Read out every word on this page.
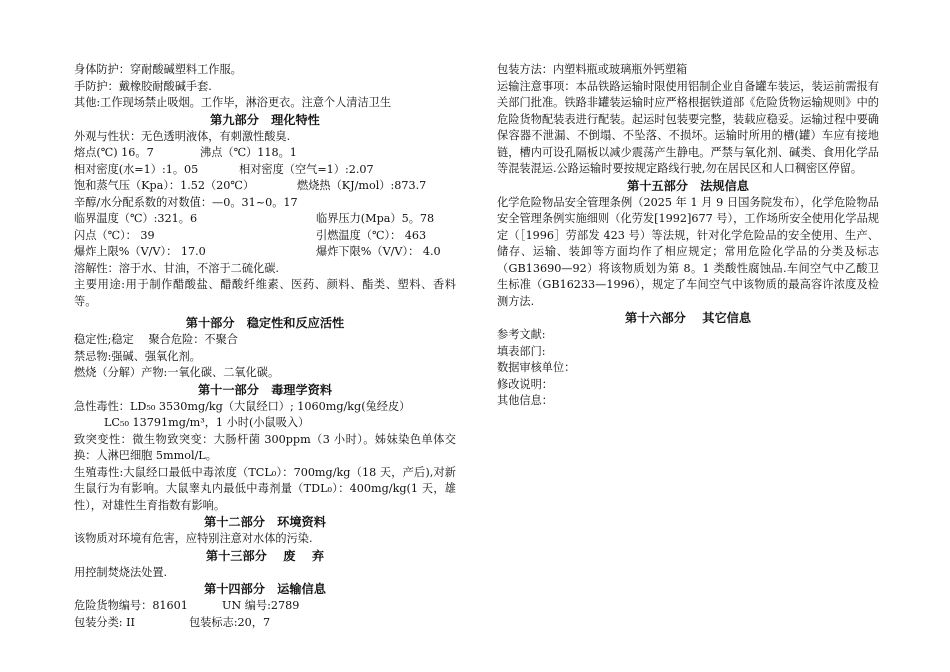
身体防护：穿耐酸碱塑料工作服。
手防护：戴橡胶耐酸碱手套.
其他:工作现场禁止吸烟。工作毕，淋浴更衣。注意个人清洁卫生
第九部分　理化特性
外观与性状：无色透明液体，有刺激性酸臭.
熔点(℃) 16。7	沸点（℃）118。1
相对密度(水=1）:1。05	相对密度（空气=1）:2.07
饱和蒸气压（Kpa）：1.52（20℃）	燃烧热（KJ/mol）:873.7
辛醇/水分配系数的对数值：—0。31~0。17
临界温度（℃）:321。6	临界压力(Mpa）5。78
闪点（℃）： 39	引燃温度（℃）： 463
爆炸上限%（V/V）： 17.0	爆炸下限%（V/V）： 4.0
溶解性：溶于水、甘油，不溶于二硫化碳.
主要用途:用于制作醋酸盐、醋酸纤维素、医药、颜料、酯类、塑料、香料等。
第十部分　稳定性和反应活性
稳定性;稳定　 聚合危险：不聚合
禁忌物:强碱、强氧化剂。
燃烧（分解）产物:一氧化碳、二氧化碳。
第十一部分　毒理学资料
急性毒性：LD₅₀ 3530mg/kg（大鼠经口）; 1060mg/kg(兔经皮）
LC₅₀ 13791mg/m³，1 小时(小鼠吸入）
致突变性：微生物致突变：大肠杆菌 300ppm（3 小时）。姊妹染色单体交换：人淋巴细胞 5mmol/L。
生殖毒性:大鼠经口最低中毒浓度（TCL₀）：700mg/kg（18 天，产后),对新生鼠行为有影响。大鼠睾丸内最低中毒剂量（TDL₀）：400mg/kg(1 天，雄性），对雄性生育指数有影响。
第十二部分　环境资料
该物质对环境有危害，应特别注意对水体的污染.
第十三部分　 废　 弃
用控制焚烧法处置.
第十四部分　运输信息
危险货物编号：81601	UN 编号:2789
包装分类: II	包装标志:20，7
包装方法：内塑料瓶或玻璃瓶外钙塑箱
运输注意事项：本品铁路运输时限使用铝制企业自备罐车装运，装运前需报有关部门批准。铁路非罐装运输时应严格根据铁道部《危险货物运输规则》中的危险货物配装表进行配装。起运时包装要完整，装载应稳妥。运输过程中要确保容器不泄漏、不倒塌、不坠落、不损坏。运输时所用的槽(罐）车应有接地链，槽内可设孔隔板以减少震荡产生静电。严禁与氧化剂、碱类、食用化学品等混装混运.公路运输时要按规定路线行驶,勿在居民区和人口稠密区停留。
第十五部分　法规信息
化学危险物品安全管理条例（2025 年 1 月 9 日国务院发布），化学危险物品安全管理条例实施细则（化劳发[1992]677 号），工作场所安全使用化学品规定（［1996］劳部发 423 号）等法规，针对化学危险品的安全使用、生产、储存、运输、装卸等方面均作了相应规定；常用危险化学品的分类及标志（GB13690—92）将该物质划为第 8。1 类酸性腐蚀品.车间空气中乙酸卫生标准（GB16233—1996），规定了车间空气中该物质的最高容许浓度及检测方法.
第十六部分　 其它信息
参考文献:
填表部门:
数据审核单位：
修改说明：
其他信息：
